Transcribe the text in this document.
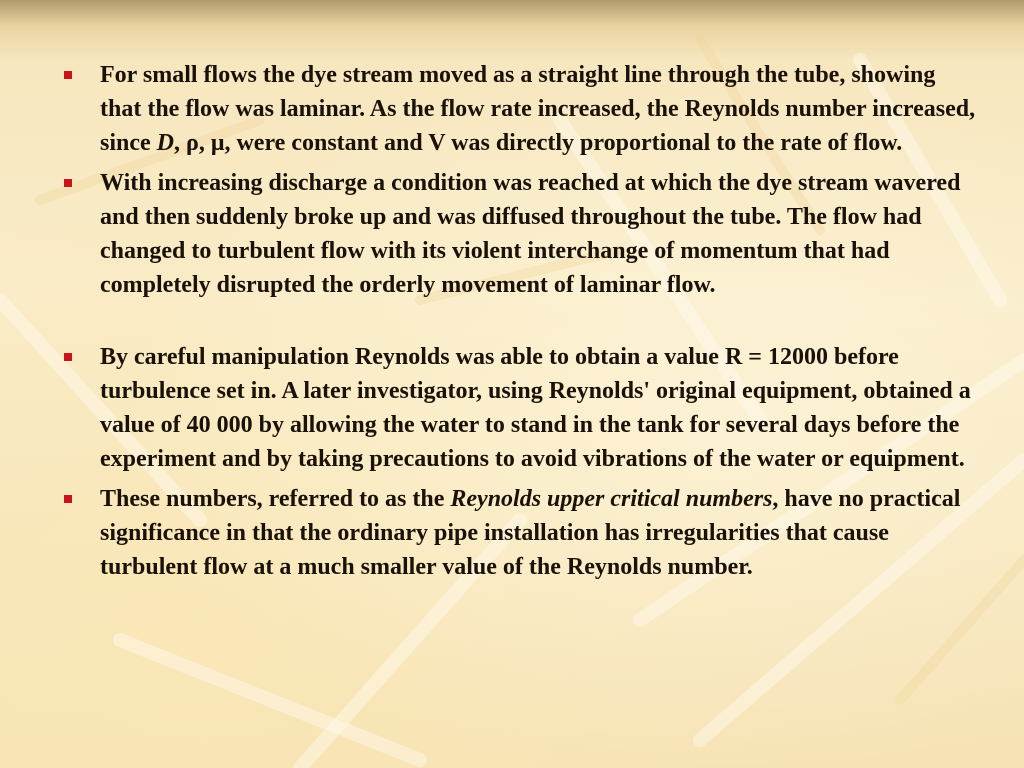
For small flows the dye stream moved as a straight line through the tube, showing that the flow was laminar. As the flow rate increased, the Reynolds number increased, since D, ρ, μ, were constant and V was directly proportional to the rate of flow.
With increasing discharge a condition was reached at which the dye stream wavered and then suddenly broke up and was diffused throughout the tube. The flow had changed to turbulent flow with its violent interchange of momentum that had completely disrupted the orderly movement of laminar flow.
By careful manipulation Reynolds was able to obtain a value R = 12000 before turbulence set in. A later investigator, using Reynolds' original equipment, obtained a value of 40 000 by allowing the water to stand in the tank for several days before the experiment and by taking precautions to avoid vibrations of the water or equipment.
These numbers, referred to as the Reynolds upper critical numbers, have no practical significance in that the ordinary pipe installation has irregularities that cause turbulent flow at a much smaller value of the Reynolds number.
